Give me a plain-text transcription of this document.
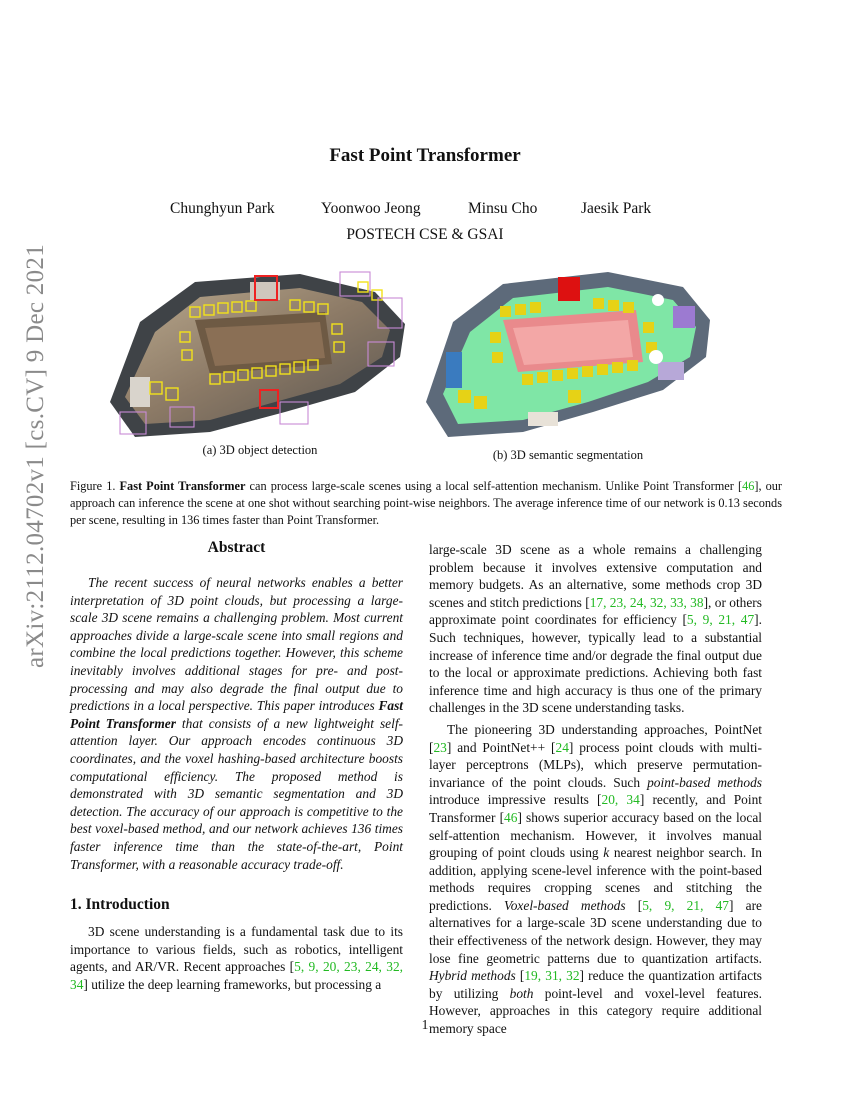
Fast Point Transformer
Chunghyun Park	Yoonwoo Jeong	Minsu Cho	Jaesik Park
POSTECH CSE & GSAI
arXiv:2112.04702v1 [cs.CV] 9 Dec 2021	(a) 3D object detection	(b) 3D semantic segmentation
Figure 1. Fast Point Transformer can process large-scale scenes using a local self-attention mechanism. Unlike Point Transformer [46], our approach can inference the scene at one shot without searching point-wise neighbors. The average inference time of our network is 0.13 seconds per scene, resulting in 136 times faster than Point Transformer.
Abstract

The recent success of neural networks enables a better interpretation of 3D point clouds, but processing a large-scale 3D scene remains a challenging problem. Most current approaches divide a large-scale scene into small regions and combine the local predictions together. However, this scheme inevitably involves additional stages for pre- and post-processing and may also degrade the final output due to predictions in a local perspective. This paper introduces Fast Point Transformer that consists of a new lightweight self-attention layer. Our approach encodes continuous 3D coordinates, and the voxel hashing-based architecture boosts computational efficiency. The proposed method is demonstrated with 3D semantic segmentation and 3D detection. The accuracy of our approach is competitive to the best voxel-based method, and our network achieves 136 times faster inference time than the state-of-the-art, Point Transformer, with a reasonable accuracy trade-off.

1. Introduction

3D scene understanding is a fundamental task due to its importance to various fields, such as robotics, intelligent agents, and AR/VR. Recent approaches [5, 9, 20, 23, 24, 32, 34] utilize the deep learning frameworks, but processing a

large-scale 3D scene as a whole remains a challenging problem because it involves extensive computation and memory budgets. As an alternative, some methods crop 3D scenes and stitch predictions [17, 23, 24, 32, 33, 38], or others approximate point coordinates for efficiency [5, 9, 21, 47]. Such techniques, however, typically lead to a substantial increase of inference time and/or degrade the final output due to the local or approximate predictions. Achieving both fast inference time and high accuracy is thus one of the primary challenges in the 3D scene understanding tasks.

The pioneering 3D understanding approaches, PointNet [23] and PointNet++ [24] process point clouds with multi-layer perceptrons (MLPs), which preserve permutation-invariance of the point clouds. Such point-based methods introduce impressive results [20, 34] recently, and Point Transformer [46] shows superior accuracy based on the local self-attention mechanism. However, it involves manual grouping of point clouds using k nearest neighbor search. In addition, applying scene-level inference with the point-based methods requires cropping scenes and stitching the predictions. Voxel-based methods [5, 9, 21, 47] are alternatives for a large-scale 3D scene understanding due to their effectiveness of the network design. However, they may lose fine geometric patterns due to quantization artifacts. Hybrid methods [19, 31, 32] reduce the quantization artifacts by utilizing both point-level and voxel-level features. However, approaches in this category require additional memory space

1
